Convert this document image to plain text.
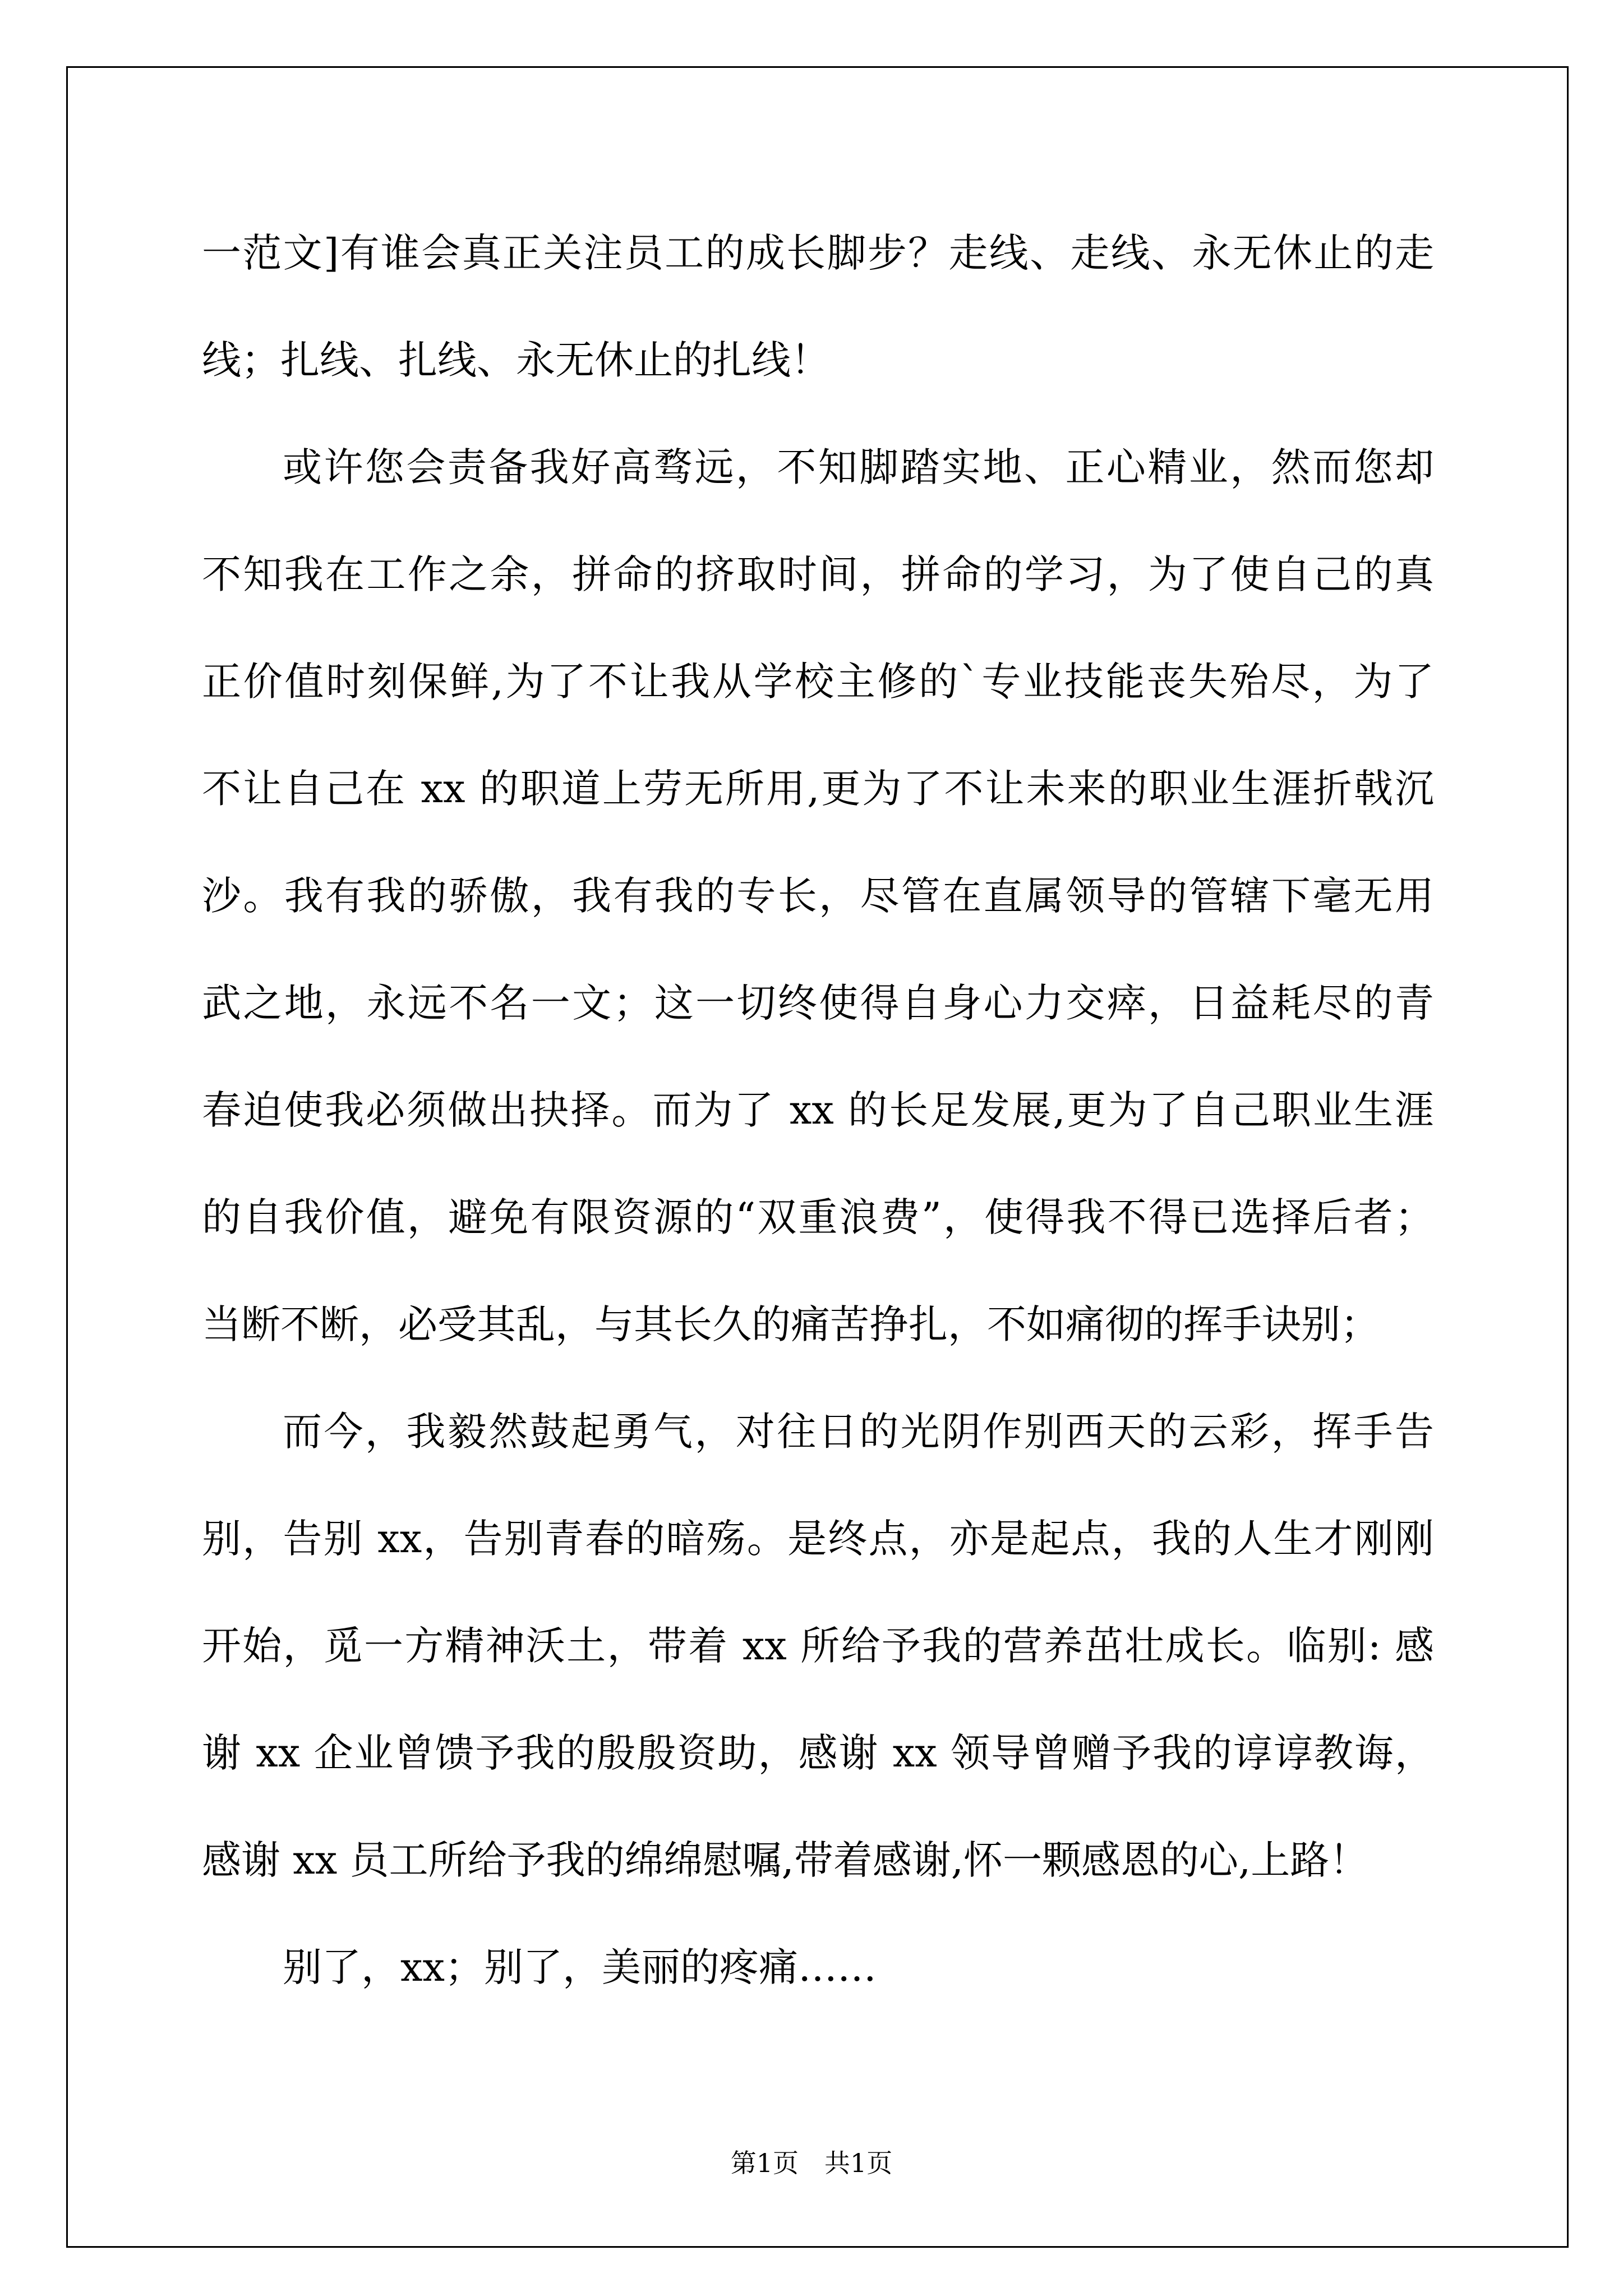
一范文]有谁会真正关注员工的成长脚步？走线、走线、永无休止的走
线；扎线、扎线、永无休止的扎线！
或许您会责备我好高骛远，不知脚踏实地、正心精业，然而您却
不知我在工作之余，拼命的挤取时间，拼命的学习，为了使自己的真
正价值时刻保鲜,为了不让我从学校主修的`专业技能丧失殆尽，为了
不让自己在 xx 的职道上劳无所用,更为了不让未来的职业生涯折戟沉
沙。我有我的骄傲，我有我的专长，尽管在直属领导的管辖下毫无用
武之地，永远不名一文；这一切终使得自身心力交瘁，日益耗尽的青
春迫使我必须做出抉择。而为了 xx 的长足发展,更为了自己职业生涯
的自我价值，避免有限资源的“双重浪费”，使得我不得已选择后者；
当断不断，必受其乱，与其长久的痛苦挣扎，不如痛彻的挥手诀别；
而今，我毅然鼓起勇气，对往日的光阴作别西天的云彩，挥手告
别，告别 xx，告别青春的暗殇。是终点，亦是起点，我的人生才刚刚
开始，觅一方精神沃土，带着 xx 所给予我的营养茁壮成长。临别: 感
谢 xx 企业曾馈予我的殷殷资助，感谢 xx 领导曾赠予我的谆谆教诲，
感谢 xx 员工所给予我的绵绵慰嘱,带着感谢,怀一颗感恩的心,上路！
别了，xx；别了，美丽的疼痛……
第1页　共1页
